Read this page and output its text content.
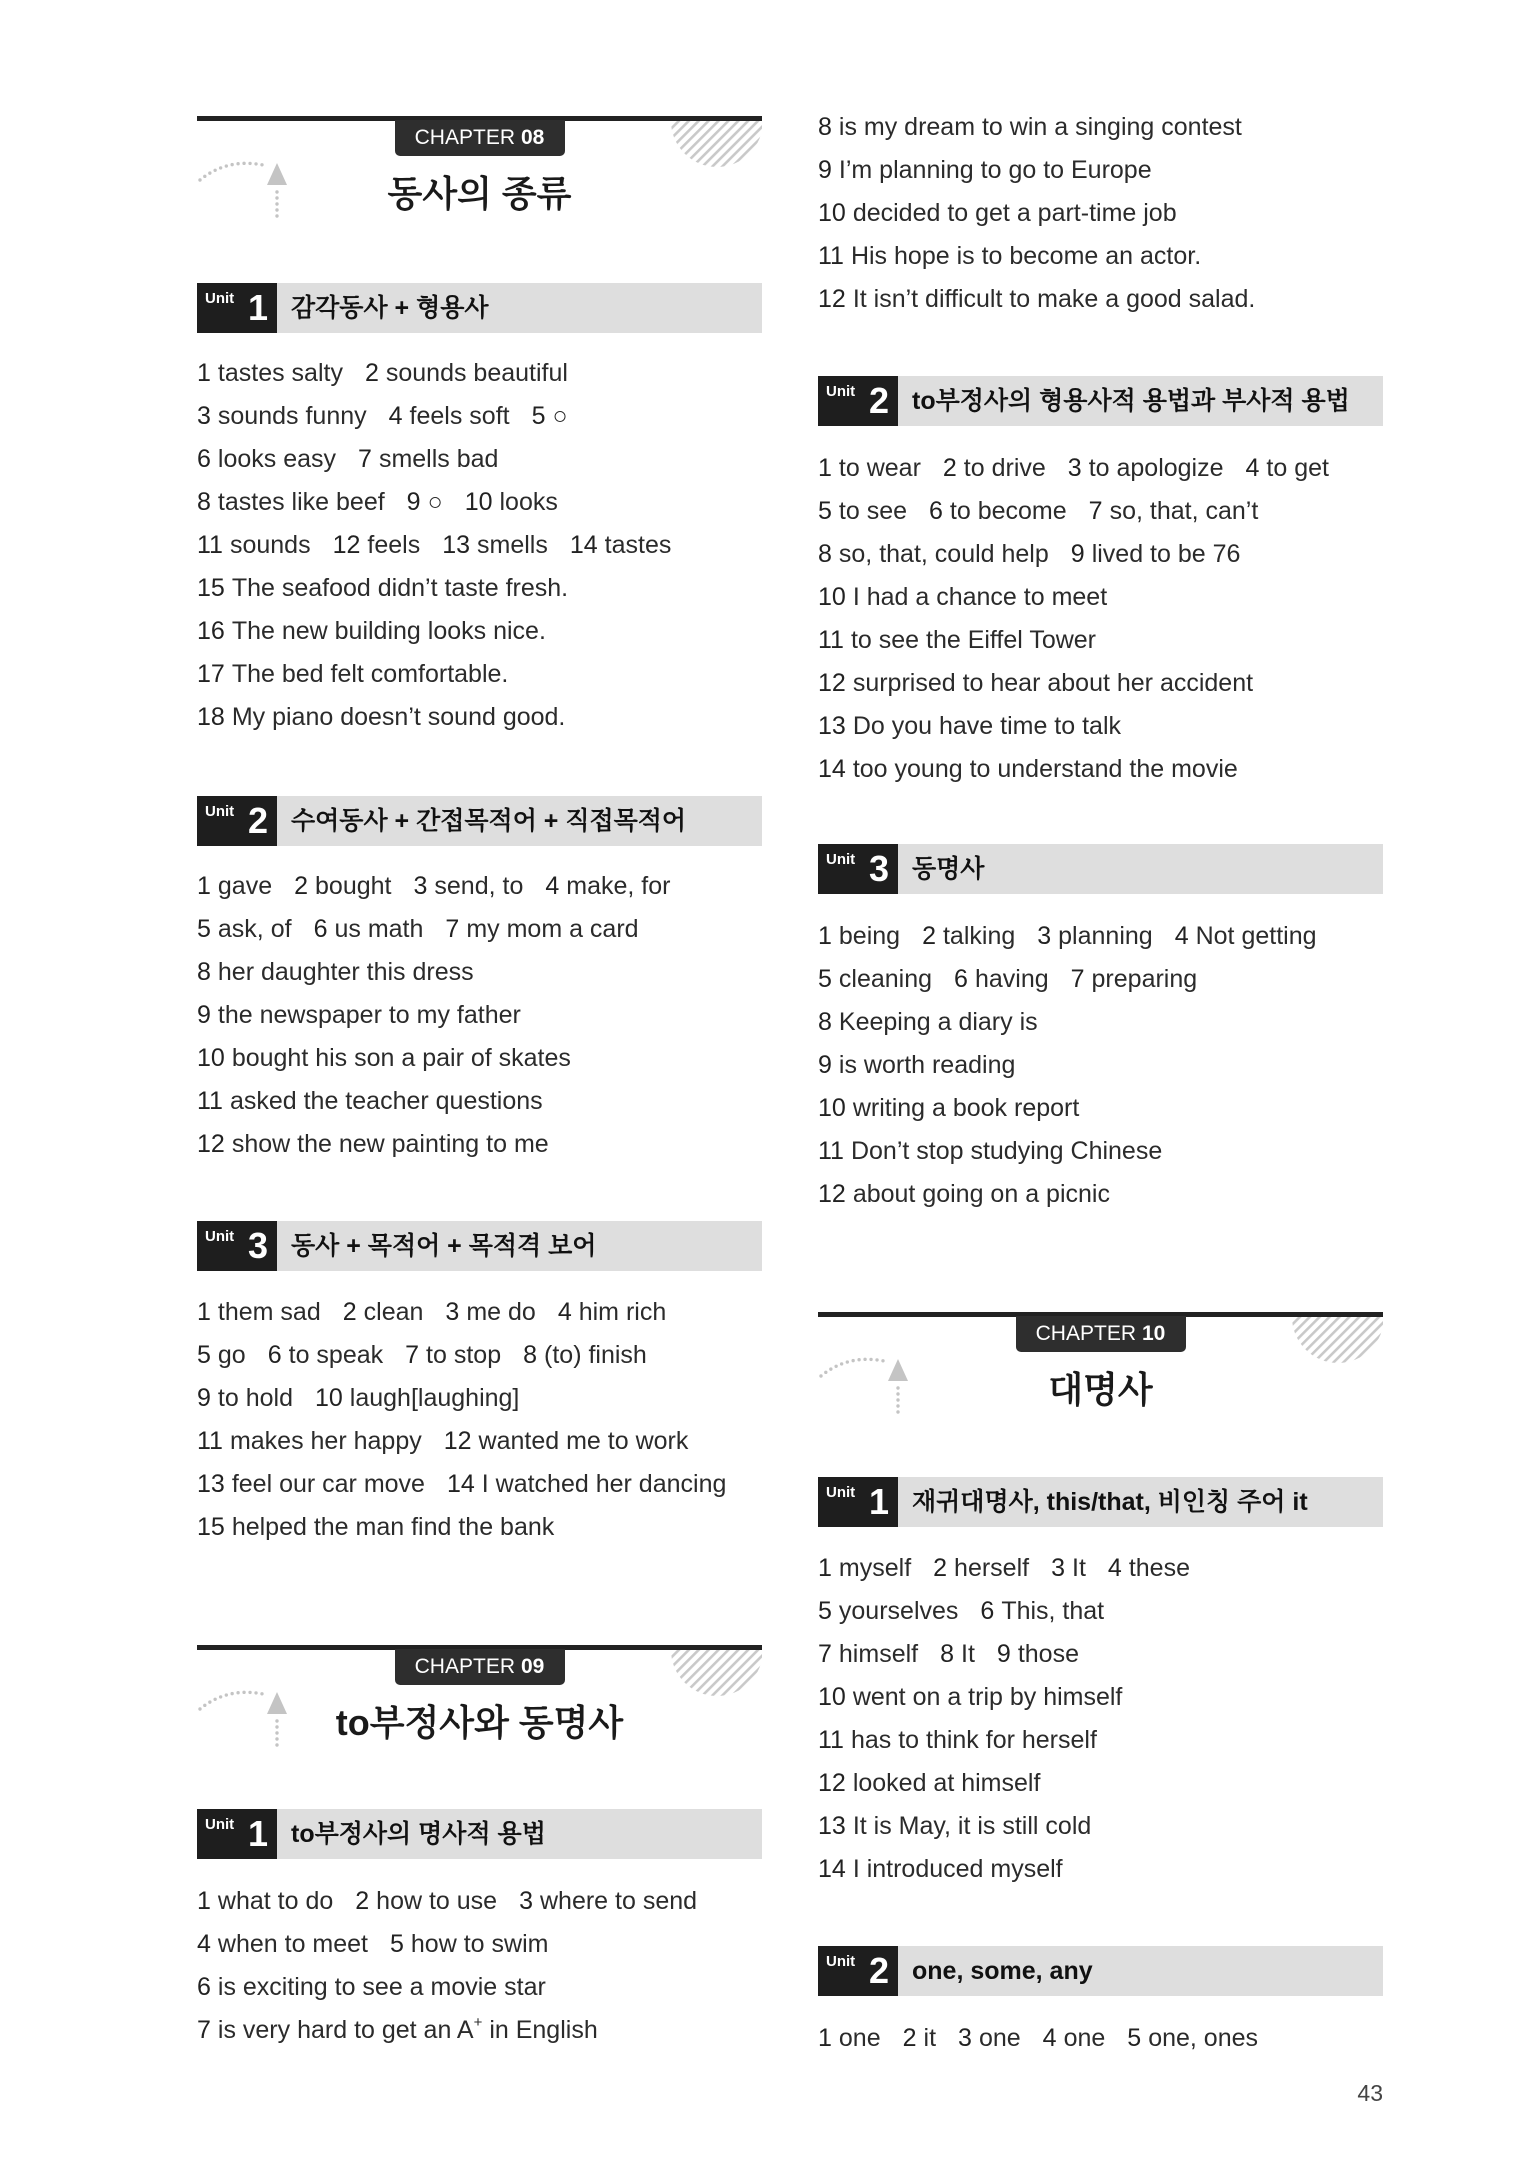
43
CHAPTER 08
동사의 종류
Unit 1 감각동사 + 형용사
1 tastes salty 2 sounds beautiful
3 sounds funny 4 feels soft 5 ○
6 looks easy 7 smells bad
8 tastes like beef 9 ○ 10 looks
11 sounds 12 feels 13 smells 14 tastes
15 The seafood didn’t taste fresh.
16 The new building looks nice.
17 The bed felt comfortable.
18 My piano doesn’t sound good.
Unit 2 수여동사 + 간접목적어 + 직접목적어
1 gave 2 bought 3 send, to 4 make, for
5 ask, of 6 us math 7 my mom a card
8 her daughter this dress
9 the newspaper to my father
10 bought his son a pair of skates
11 asked the teacher questions
12 show the new painting to me
Unit 3 동사 + 목적어 + 목적격 보어
1 them sad 2 clean 3 me do 4 him rich
5 go 6 to speak 7 to stop 8 (to) finish
9 to hold 10 laugh[laughing]
11 makes her happy 12 wanted me to work
13 feel our car move 14 I watched her dancing
15 helped the man find the bank
CHAPTER 09
to부정사와 동명사
Unit 1 to부정사의 명사적 용법
1 what to do 2 how to use 3 where to send
4 when to meet 5 how to swim
6 is exciting to see a movie star
7 is very hard to get an A+ in English
8 is my dream to win a singing contest
9 I’m planning to go to Europe
10 decided to get a part-time job
11 His hope is to become an actor.
12 It isn’t difficult to make a good salad.
Unit 2 to부정사의 형용사적 용법과 부사적 용법
1 to wear 2 to drive 3 to apologize 4 to get
5 to see 6 to become 7 so, that, can’t
8 so, that, could help 9 lived to be 76
10 I had a chance to meet
11 to see the Eiffel Tower
12 surprised to hear about her accident
13 Do you have time to talk
14 too young to understand the movie
Unit 3 동명사
1 being 2 talking 3 planning 4 Not getting
5 cleaning 6 having 7 preparing
8 Keeping a diary is
9 is worth reading
10 writing a book report
11 Don’t stop studying Chinese
12 about going on a picnic
CHAPTER 10
대명사
Unit 1 재귀대명사, this/that, 비인칭 주어 it
1 myself 2 herself 3 It 4 these
5 yourselves 6 This, that
7 himself 8 It 9 those
10 went on a trip by himself
11 has to think for herself
12 looked at himself
13 It is May, it is still cold
14 I introduced myself
Unit 2 one, some, any
1 one 2 it 3 one 4 one 5 one, ones
